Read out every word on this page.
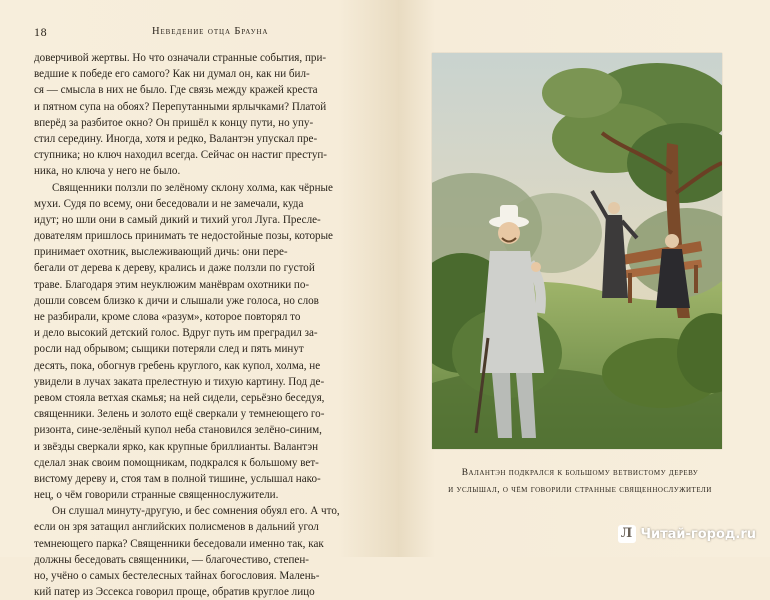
18	Неведение отца Брауна
доверчивой жертвы. Но что означали странные события, при-
ведшие к победе его самого? Как ни думал он, как ни бил-
ся — смысла в них не было. Где связь между кражей креста
и пятном супа на обоях? Перепутанными ярлычками? Платой
вперёд за разбитое окно? Он пришёл к концу пути, но упу-
стил середину. Иногда, хотя и редко, Валантэн упускал пре-
ступника; но ключ находил всегда. Сейчас он настиг преступ-
ника, но ключа у него не было.
Священники ползли по зелёному склону холма, как чёрные
мухи. Судя по всему, они беседовали и не замечали, куда
идут; но шли они в самый дикий и тихий угол Луга. Пресле-
дователям пришлось принимать те недостойные позы, которые
принимает охотник, выслеживающий дичь: они пере-
бегали от дерева к дереву, крались и даже ползли по густой
траве. Благодаря этим неуклюжим манёврам охотники по-
дошли совсем близко к дичи и слышали уже голоса, но слов
не разбирали, кроме слова «разум», которое повторял то
и дело высокий детский голос. Вдруг путь им преградил за-
росли над обрывом; сыщики потеряли след и пять минут
десять, пока, обогнув гребень круглого, как купол, холма, не
увидели в лучах заката прелестную и тихую картину. Под де-
ревом стояла ветхая скамья; на ней сидели, серьёзно беседуя,
священники. Зелень и золото ещё сверкали у темнеющего го-
ризонта, сине-зелёный купол неба становился зелёно-синим,
и звёзды сверкали ярко, как крупные бриллианты. Валантэн
сделал знак своим помощникам, подкрался к большому вет-
вистому дереву и, стоя там в полной тишине, услышал нако-
нец, о чём говорили странные священнослужители.
Он слушал минуту-другую, и бес сомнения обуял его. А что,
если он зря затащил английских полисменов в дальний угол
темнеющего парка? Священники беседовали именно так, как
должны беседовать священники, — благочестиво, степен-
но, учёно о самых бестелесных тайнах богословия. Малень-
кий патер из Эссекса говорил проще, обратив круглое лицо
Валантэн подкрался к большому ветвистому дереву
и услышал, о чём говорили странные священнослужители
Л Читай-город.ru
